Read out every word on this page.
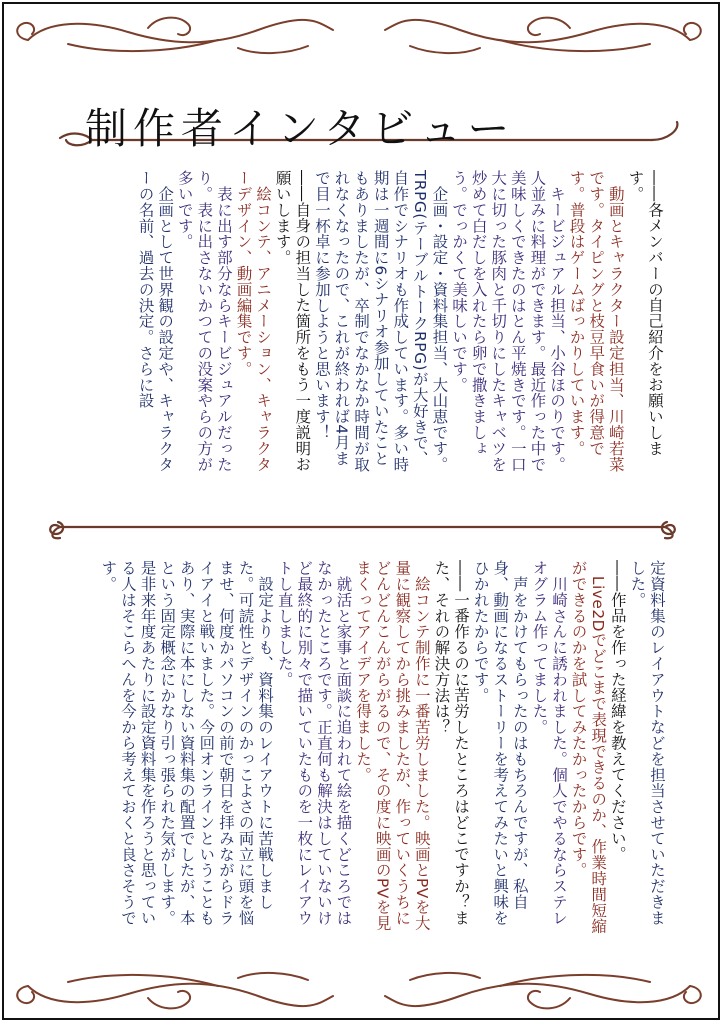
制作者インタビュー

――各メンバーの自己紹介をお願いします。

　動画とキャラクター設定担当、川崎若菜です。タイピングと枝豆早食いが得意です。普段はゲームばっかりしています。

　キービジュアル担当、小谷ほのりです。人並みに料理ができます。最近作った中で美味しくできたのはとん平焼きです。一口大に切った豚肉と千切りにしたキャベツを炒めて白だしを入れたら卵で撒きましょう。でっかくて美味しいです。

　企画・設定・資料集担当、大山恵です。TRPG(テーブルトークRPG)が大好きで、自作でシナリオも作成しています。多い時期は一週間に6シナリオ参加していたこともありましたが、卒制でなかなか時間が取れなくなったので、これが終われば4月まで目一杯卓に参加しようと思います！

――自身の担当した箇所をもう一度説明お願いします。

　絵コンテ、アニメーション、キャラクターデザイン、動画編集です。

　表に出す部分ならキービジュアルだったり。表に出さないかつての没案やらの方が多いです。

　企画として世界観の設定や、キャラクターの名前、過去の決定。さらに設

定資料集のレイアウトなどを担当させていただきました。

――作品を作った経緯を教えてください。

　Live2Dでどこまで表現できるのか、作業時間短縮ができるのかを試してみたかったからです。

　川崎さんに誘われました。個人でやるならステレオグラム作ってました。

　声をかけてもらったのはもちろんですが、私自身、動画になるストーリーを考えてみたいと興味をひかれたからです。

――一番作るのに苦労したところはどこですか？また、それの解決方法は？

　絵コンテ制作に一番苦労しました。映画とPVを大量に観察してから挑みましたが、作っていくうちにどんどんこんがらがるので、その度に映画のPVを見まくってアイデアを得ました。

　就活と家事と面談に追われて絵を描くどころではなかったところです。正直何も解決はしていないけど最終的に別々で描いていたものを一枚にレイアウトし直しました。

　設定よりも、資料集のレイアウトに苦戦しました。可読性とデザインのかっこよさの両立に頭を悩ませ、何度かパソコンの前で朝日を拝みながらドライアイと戦いました。今回オンラインということもあり、実際に本にしない資料集の配置でしたが、本という固定概念にかなり引っ張られた気がします。是非来年度あたりに設定資料集を作ろうと思っている人はそこらへんを今から考えておくと良さそうです。
